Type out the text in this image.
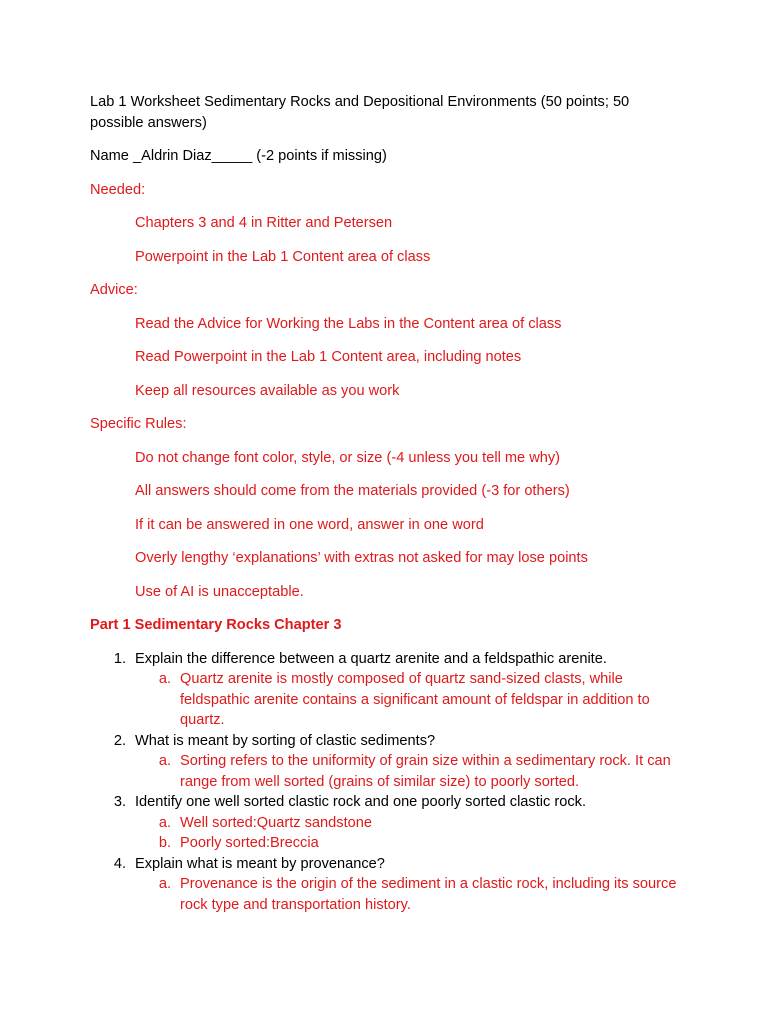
Lab 1 Worksheet Sedimentary Rocks and Depositional Environments (50 points; 50 possible answers)

Name _Aldrin Diaz_____ (-2 points if missing)

Needed:

Chapters 3 and 4 in Ritter and Petersen

Powerpoint in the Lab 1 Content area of class

Advice:

Read the Advice for Working the Labs in the Content area of class

Read Powerpoint in the Lab 1 Content area, including notes

Keep all resources available as you work

Specific Rules:

Do not change font color, style, or size (-4 unless you tell me why)

All answers should come from the materials provided (-3 for others)

If it can be answered in one word, answer in one word

Overly lengthy ‘explanations’ with extras not asked for may lose points

Use of AI is unacceptable.

Part 1 Sedimentary Rocks Chapter 3

1. Explain the difference between a quartz arenite and a feldspathic arenite.
a. Quartz arenite is mostly composed of quartz sand-sized clasts, while feldspathic arenite contains a significant amount of feldspar in addition to quartz.
2. What is meant by sorting of clastic sediments?
a. Sorting refers to the uniformity of grain size within a sedimentary rock. It can range from well sorted (grains of similar size) to poorly sorted.
3. Identify one well sorted clastic rock and one poorly sorted clastic rock.
a. Well sorted:Quartz sandstone
b. Poorly sorted:Breccia
4. Explain what is meant by provenance?
a. Provenance is the origin of the sediment in a clastic rock, including its source rock type and transportation history.
